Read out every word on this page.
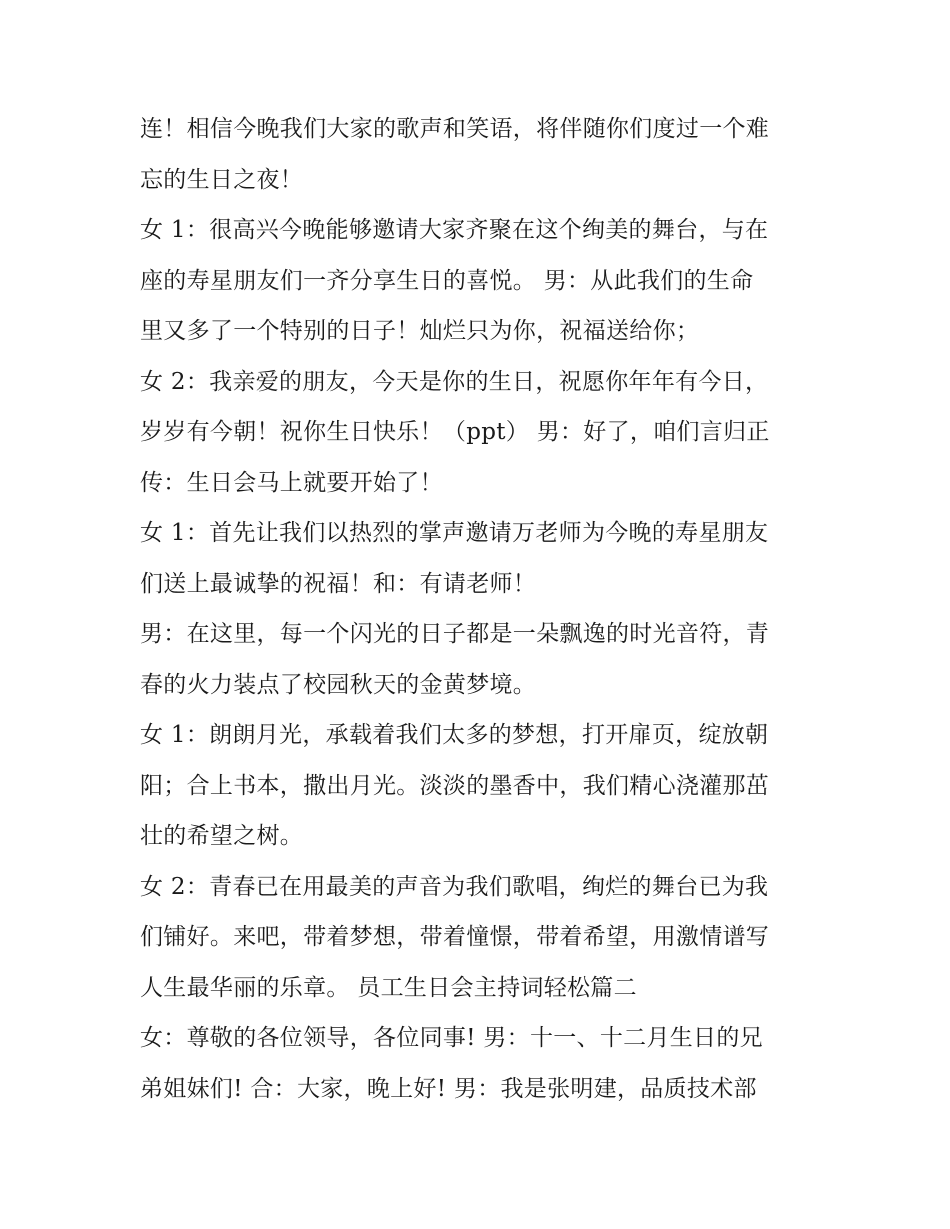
连！相信今晚我们大家的歌声和笑语，将伴随你们度过一个难
忘的生日之夜！
女 1：很高兴今晚能够邀请大家齐聚在这个绚美的舞台，与在
座的寿星朋友们一齐分享生日的喜悦。 男：从此我们的生命
里又多了一个特别的日子！灿烂只为你，祝福送给你；
女 2：我亲爱的朋友，今天是你的生日，祝愿你年年有今日，
岁岁有今朝！祝你生日快乐！（ppt） 男：好了，咱们言归正
传：生日会马上就要开始了！
女 1：首先让我们以热烈的掌声邀请万老师为今晚的寿星朋友
们送上最诚挚的祝福！和：有请老师！
男：在这里，每一个闪光的日子都是一朵飘逸的时光音符，青
春的火力装点了校园秋天的金黄梦境。
女 1：朗朗月光，承载着我们太多的梦想，打开扉页，绽放朝
阳；合上书本，撒出月光。淡淡的墨香中，我们精心浇灌那茁
壮的希望之树。
女 2：青春已在用最美的声音为我们歌唱，绚烂的舞台已为我
们铺好。来吧，带着梦想，带着憧憬，带着希望，用激情谱写
人生最华丽的乐章。 员工生日会主持词轻松篇二
女：尊敬的各位领导，各位同事! 男：十一、十二月生日的兄
弟姐妹们! 合：大家，晚上好! 男：我是张明建，品质技术部
